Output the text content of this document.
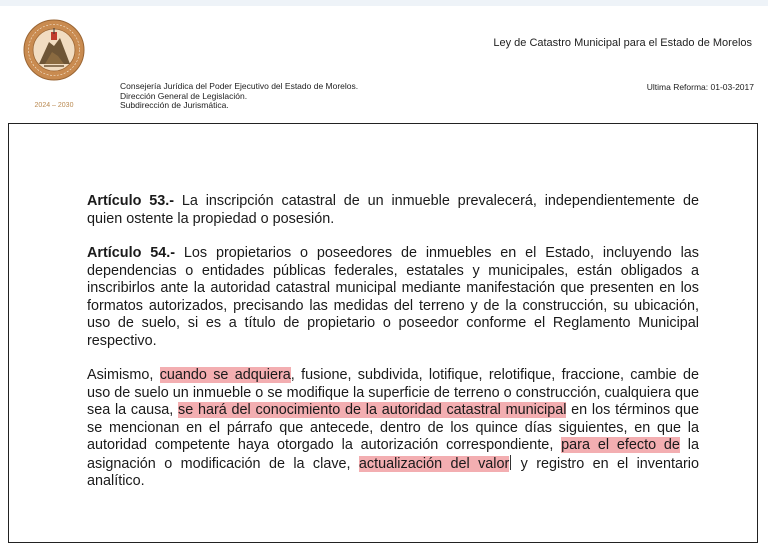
2024 – 2030
Ley de Catastro Municipal para el Estado de Morelos
Consejería Jurídica del Poder Ejecutivo del Estado de Morelos.
Dirección General de Legislación.
Subdirección de Jurismática.
Ultima Reforma: 01-03-2017

Artículo 53.- La inscripción catastral de un inmueble prevalecerá, independientemente de quien ostente la propiedad o posesión.

Artículo 54.- Los propietarios o poseedores de inmuebles en el Estado, incluyendo las dependencias o entidades públicas federales, estatales y municipales, están obligados a inscribirlos ante la autoridad catastral municipal mediante manifestación que presenten en los formatos autorizados, precisando las medidas del terreno y de la construcción, su ubicación, uso de suelo, si es a título de propietario o poseedor conforme el Reglamento Municipal respectivo.

Asimismo, cuando se adquiera, fusione, subdivida, lotifique, relotifique, fraccione, cambie de uso de suelo un inmueble o se modifique la superficie de terreno o construcción, cualquiera que sea la causa, se hará del conocimiento de la autoridad catastral municipal en los términos que se mencionan en el párrafo que antecede, dentro de los quince días siguientes, en que la autoridad competente haya otorgado la autorización correspondiente, para el efecto de la asignación o modificación de la clave, actualización del valor y registro en el inventario analítico.
